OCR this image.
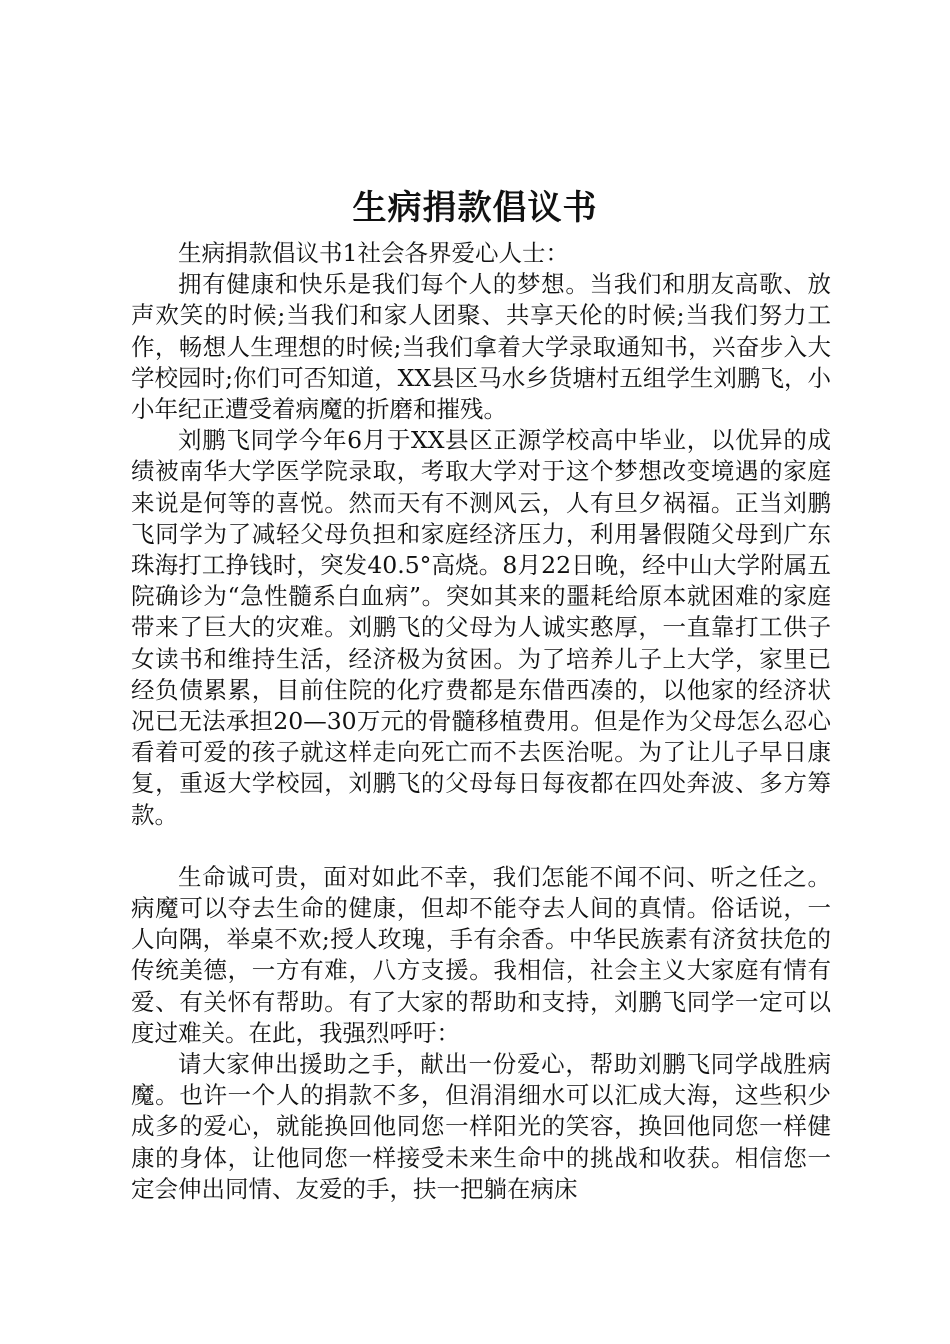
生病捐款倡议书

生病捐款倡议书1社会各界爱心人士：

拥有健康和快乐是我们每个人的梦想。当我们和朋友高歌、放声欢笑的时候;当我们和家人团聚、共享天伦的时候;当我们努力工作，畅想人生理想的时候;当我们拿着大学录取通知书，兴奋步入大学校园时;你们可否知道，XX县区马水乡货塘村五组学生刘鹏飞，小小年纪正遭受着病魔的折磨和摧残。

刘鹏飞同学今年6月于XX县区正源学校高中毕业，以优异的成绩被南华大学医学院录取，考取大学对于这个梦想改变境遇的家庭来说是何等的喜悦。然而天有不测风云，人有旦夕祸福。正当刘鹏飞同学为了减轻父母负担和家庭经济压力，利用暑假随父母到广东珠海打工挣钱时，突发40.5°高烧。8月22日晚，经中山大学附属五院确诊为“急性髓系白血病”。突如其来的噩耗给原本就困难的家庭带来了巨大的灾难。刘鹏飞的父母为人诚实憨厚，一直靠打工供子女读书和维持生活，经济极为贫困。为了培养儿子上大学，家里已经负债累累，目前住院的化疗费都是东借西凑的，以他家的经济状况已无法承担20—30万元的骨髓移植费用。但是作为父母怎么忍心看着可爱的孩子就这样走向死亡而不去医治呢。为了让儿子早日康复，重返大学校园，刘鹏飞的父母每日每夜都在四处奔波、多方筹款。

生命诚可贵，面对如此不幸，我们怎能不闻不问、听之任之。病魔可以夺去生命的健康，但却不能夺去人间的真情。俗话说，一人向隅，举桌不欢;授人玫瑰，手有余香。中华民族素有济贫扶危的传统美德，一方有难，八方支援。我相信，社会主义大家庭有情有爱、有关怀有帮助。有了大家的帮助和支持，刘鹏飞同学一定可以度过难关。在此，我强烈呼吁：

请大家伸出援助之手，献出一份爱心，帮助刘鹏飞同学战胜病魔。也许一个人的捐款不多，但涓涓细水可以汇成大海，这些积少成多的爱心，就能换回他同您一样阳光的笑容，换回他同您一样健康的身体，让他同您一样接受未来生命中的挑战和收获。相信您一定会伸出同情、友爱的手，扶一把躺在病床
